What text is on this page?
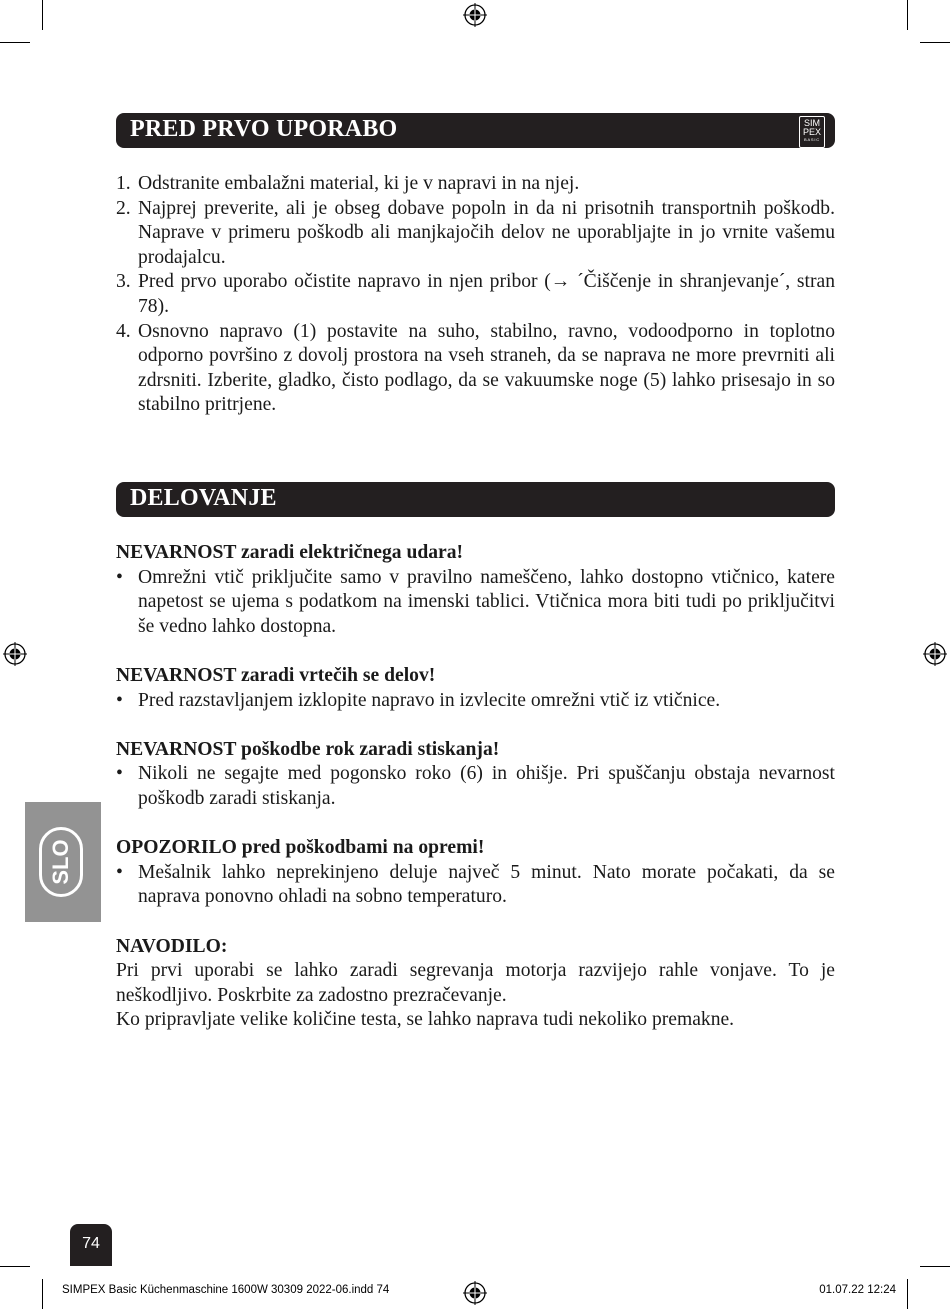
PRED PRVO UPORABO	SIM
PEX
BASIC
1. Odstranite embalažni material, ki je v napravi in na njej.
2. Najprej preverite, ali je obseg dobave popoln in da ni prisotnih transportnih poškodb. Naprave v primeru poškodb ali manjkajočih delov ne uporabljajte in jo vrnite vašemu prodajalcu.
3. Pred prvo uporabo očistite napravo in njen pribor (→ ´Čiščenje in shranjevanje´, stran 78).
4. Osnovno napravo (1) postavite na suho, stabilno, ravno, vodoodporno in toplotno odporno površino z dovolj prostora na vseh straneh, da se naprava ne more prevrniti ali zdrsniti. Izberite, gladko, čisto podlago, da se vakuumske noge (5) lahko prisesajo in so stabilno pritrjene.
DELOVANJE
NEVARNOST zaradi električnega udara!
• Omrežni vtič priključite samo v pravilno nameščeno, lahko dostopno vtičnico, katere napetost se ujema s podatkom na imenski tablici. Vtičnica mora biti tudi po priključitvi še vedno lahko dostopna.
NEVARNOST zaradi vrtečih se delov!
• Pred razstavljanjem izklopite napravo in izvlecite omrežni vtič iz vtičnice.
NEVARNOST poškodbe rok zaradi stiskanja!
• Nikoli ne segajte med pogonsko roko (6) in ohišje. Pri spuščanju obstaja nevarnost poškodb zaradi stiskanja.
OPOZORILO pred poškodbami na opremi!
• Mešalnik lahko neprekinjeno deluje največ 5 minut. Nato morate počakati, da se naprava ponovno ohladi na sobno temperaturo.
NAVODILO:
Pri prvi uporabi se lahko zaradi segrevanja motorja razvijejo rahle vonjave. To je neškodljivo. Poskrbite za zadostno prezračevanje.
Ko pripravljate velike količine testa, se lahko naprava tudi nekoliko premakne.
SLO
74
SIMPEX Basic Küchenmaschine 1600W 30309 2022-06.indd 74	01.07.22 12:24
